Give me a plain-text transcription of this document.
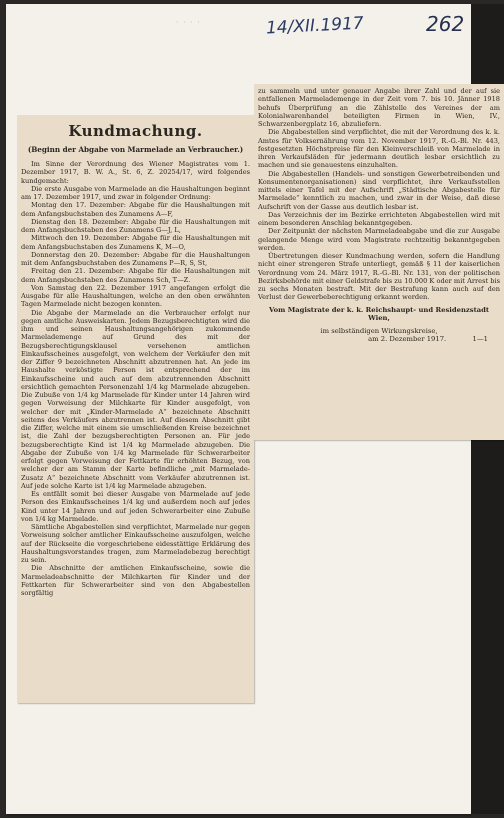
· · · ·	14/XII.1917	262
Kundmachung.
(Beginn der Abgabe von Marmelade an Verbraucher.)

Im Sinne der Verordnung des Wiener Magistrates vom 1. Dezember 1917, B. W. A., St. 6, Z. 20254/17, wird folgendes kundgemacht:

Die erste Ausgabe von Marmelade an die Haushaltungen beginnt am 17. Dezember 1917, und zwar in folgender Ordnung:

Montag den 17. Dezember: Abgabe für die Haushaltungen mit dem Anfangsbuchstaben des Zunamens A—F,

Dienstag den 18. Dezember: Abgabe für die Haushaltungen mit dem Anfangsbuchstaben des Zunamens G—J, L,

Mittwoch den 19. Dezember: Abgabe für die Haushaltungen mit dem Anfangsbuchstaben des Zunamens K, M—O,

Donnerstag den 20. Dezember: Abgabe für die Haushaltungen mit dem Anfangsbuchstaben des Zunamens P—R, S, St,

Freitag den 21. Dezember: Abgabe für die Haushaltungen mit dem Anfangsbuchstaben des Zunamens Sch, T—Z.

Von Samstag den 22. Dezember 1917 angefangen erfolgt die Ausgabe für alle Haushaltungen, welche an den oben erwähnten Tagen Marmelade nicht bezogen konnten.

Die Abgabe der Marmelade an die Verbraucher erfolgt nur gegen amtliche Ausweiskarten. Jedem Bezugsberechtigten wird die ihm und seinen Haushaltungsangehörigen zukommende Marmelademenge auf Grund des mit der Bezugsberechtigungsklausel versehenen amtlichen Einkaufsscheines ausgefolgt, von welchem der Verkäufer den mit der Ziffer 9 bezeichneten Abschnitt abzutrennen hat. An jede im Haushalte verköstigte Person ist entsprechend der im Einkaufsscheine und auch auf dem abzutrennenden Abschnitt ersichtlich gemachten Personenzahl 1/4 kg Marmelade abzugeben. Die Zubuße von 1/4 kg Marmelade für Kinder unter 14 Jahren wird gegen Vorweisung der Milchkarte für Kinder ausgefolgt, von welcher der mit „Kinder-Marmelade A“ bezeichnete Abschnitt seitens des Verkäufers abzutrennen ist. Auf diesem Abschnitt gibt die Ziffer, welche mit einem sie umschließenden Kreise bezeichnet ist, die Zahl der bezugsberechtigten Personen an. Für jede bezugsberechtigte Kind ist 1/4 kg Marmelade abzugeben. Die Abgabe der Zubuße von 1/4 kg Marmelade für Schwerarbeiter erfolgt gegen Vorweisung der Fettkarte für erhöhten Bezug, von welcher der am Stamm der Karte befindliche „mit Marmelade-Zusatz A“ bezeichnete Abschnitt vom Verkäufer abzutrennen ist. Auf jede solche Karte ist 1/4 kg Marmelade abzugeben.

Es entfällt somit bei dieser Ausgabe von Marmelade auf jede Person des Einkaufsscheines 1/4 kg und außerdem noch auf jedes Kind unter 14 Jahren und auf jeden Schwerarbeiter eine Zubuße von 1/4 kg Marmelade.

Sämtliche Abgabestellen sind verpflichtet, Marmelade nur gegen Vorweisung solcher amtlicher Einkaufsscheine auszufolgen, welche auf der Rückseite die vorgeschriebene eidesstättige Erklärung des Haushaltungsvorstandes tragen, zum Marmeladebezug berechtigt zu sein.

Die Abschnitte der amtlichen Einkaufsscheine, sowie die Marmeladeabschnitte der Milchkarten für Kinder und der Fettkarten für Schwerarbeiter sind von den Abgabestellen sorgfältig

zu sammeln und unter genauer Angabe ihrer Zahl und der auf sie entfallenen Marmelademenge in der Zeit vom 7. bis 10. Jänner 1918 behufs Überprüfung an die Zählstelle des Vereines der am Kolonialwarenhandel beteiligten Firmen in Wien, IV., Schwarzenbergplatz 16, abzuliefern.

Die Abgabestellen sind verpflichtet, die mit der Verordnung des k. k. Amtes für Volksernährung vom 12. November 1917, R.-G.-Bl. Nr. 443, festgesetzten Höchstpreise für den Kleinverschleiß von Marmelade in ihren Verkaufsläden für jedermann deutlich lesbar ersichtlich zu machen und sie genauestens einzuhalten.

Die Abgabestellen (Handels- und sonstigen Gewerbetreibenden und Konsumentenorganisationen) sind verpflichtet, ihre Verkaufsstellen mittels einer Tafel mit der Aufschrift „Städtische Abgabestelle für Marmelade“ kenntlich zu machen, und zwar in der Weise, daß diese Aufschrift von der Gasse aus deutlich lesbar ist.

Das Verzeichnis der im Bezirke errichteten Abgabestellen wird mit einem besonderen Anschlag bekanntgegeben.

Der Zeitpunkt der nächsten Marmeladeabgabe und die zur Ausgabe gelangende Menge wird vom Magistrate rechtzeitig bekanntgegeben werden.

Übertretungen dieser Kundmachung werden, sofern die Handlung nicht einer strengeren Strafe unterliegt, gemäß § 11 der kaiserlichen Verordnung vom 24. März 1917, R.-G.-Bl. Nr. 131, von der politischen Bezirksbehörde mit einer Geldstrafe bis zu 10.000 K oder mit Arrest bis zu sechs Monaten bestraft. Mit der Bestrafung kann auch auf den Verlust der Gewerbeberechtigung erkannt werden.

Vom Magistrate der k. k. Reichshaupt- und Residenzstadt Wien,
im selbständigen Wirkungskreise,
am 2. Dezember 1917.	1—1
